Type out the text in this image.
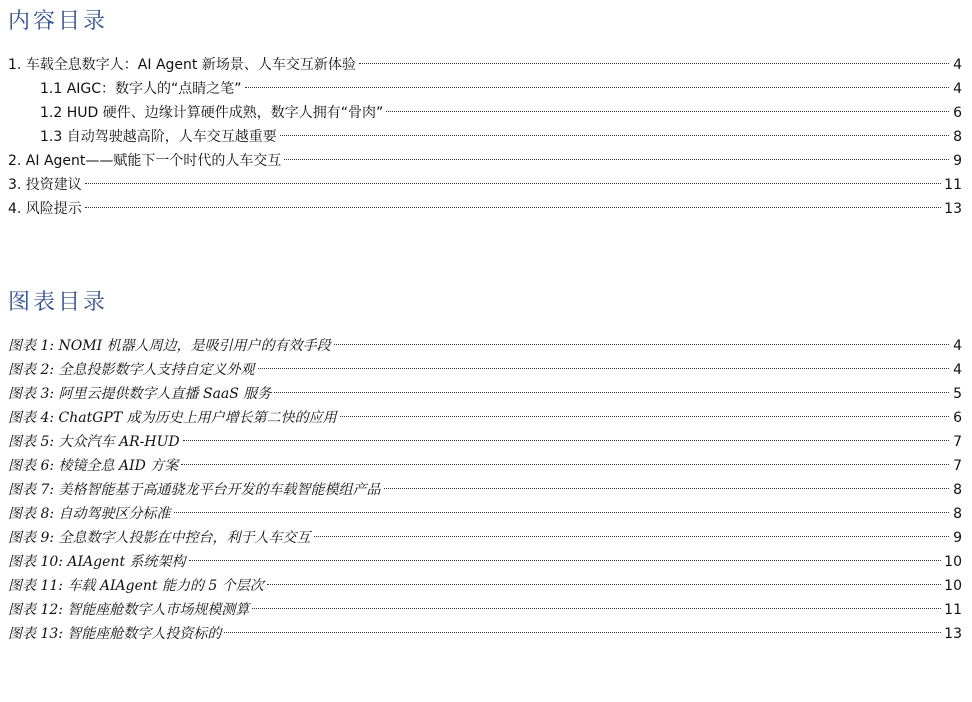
内容目录
1. 车载全息数字人：AI Agent 新场景、人车交互新体验	4
1.1 AIGC：数字人的“点睛之笔”	4
1.2 HUD 硬件、边缘计算硬件成熟，数字人拥有“骨肉”	6
1.3 自动驾驶越高阶，人车交互越重要	8
2. AI Agent——赋能下一个时代的人车交互	9
3. 投资建议	11
4. 风险提示	13
图表目录
图表 1: NOMI 机器人周边，是吸引用户的有效手段	4
图表 2: 全息投影数字人支持自定义外观	4
图表 3: 阿里云提供数字人直播 SaaS 服务	5
图表 4: ChatGPT 成为历史上用户增长第二快的应用	6
图表 5: 大众汽车 AR-HUD	7
图表 6: 棱镜全息 AID 方案	7
图表 7: 美格智能基于高通骁龙平台开发的车载智能模组产品	8
图表 8: 自动驾驶区分标准	8
图表 9: 全息数字人投影在中控台，利于人车交互	9
图表 10: AIAgent 系统架构	10
图表 11: 车载 AIAgent 能力的 5 个层次	10
图表 12: 智能座舱数字人市场规模测算	11
图表 13: 智能座舱数字人投资标的	13
